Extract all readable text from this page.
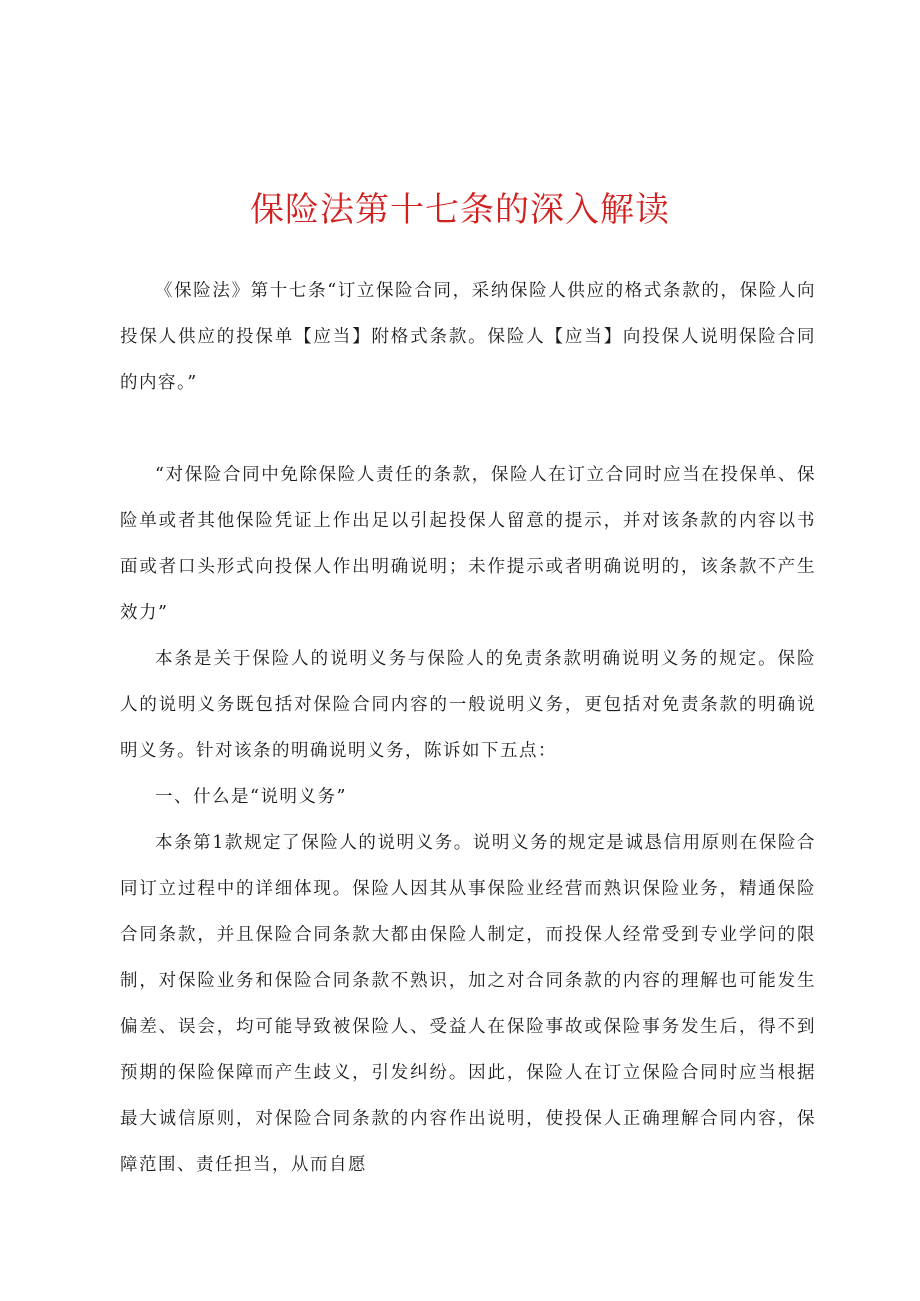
保险法第十七条的深入解读

《保险法》第十七条“订立保险合同，采纳保险人供应的格式条款的，保险人向投保人供应的投保单【应当】附格式条款。保险人【应当】向投保人说明保险合同的内容。”

“对保险合同中免除保险人责任的条款，保险人在订立合同时应当在投保单、保险单或者其他保险凭证上作出足以引起投保人留意的提示，并对该条款的内容以书面或者口头形式向投保人作出明确说明；未作提示或者明确说明的，该条款不产生效力”

本条是关于保险人的说明义务与保险人的免责条款明确说明义务的规定。保险人的说明义务既包括对保险合同内容的一般说明义务，更包括对免责条款的明确说明义务。针对该条的明确说明义务，陈诉如下五点：

一、什么是“说明义务”

本条第1款规定了保险人的说明义务。说明义务的规定是诚恳信用原则在保险合同订立过程中的详细体现。保险人因其从事保险业经营而熟识保险业务，精通保险合同条款，并且保险合同条款大都由保险人制定，而投保人经常受到专业学问的限制，对保险业务和保险合同条款不熟识，加之对合同条款的内容的理解也可能发生偏差、误会，均可能导致被保险人、受益人在保险事故或保险事务发生后，得不到预期的保险保障而产生歧义，引发纠纷。因此，保险人在订立保险合同时应当根据最大诚信原则，对保险合同条款的内容作出说明，使投保人正确理解合同内容，保障范围、责任担当，从而自愿
